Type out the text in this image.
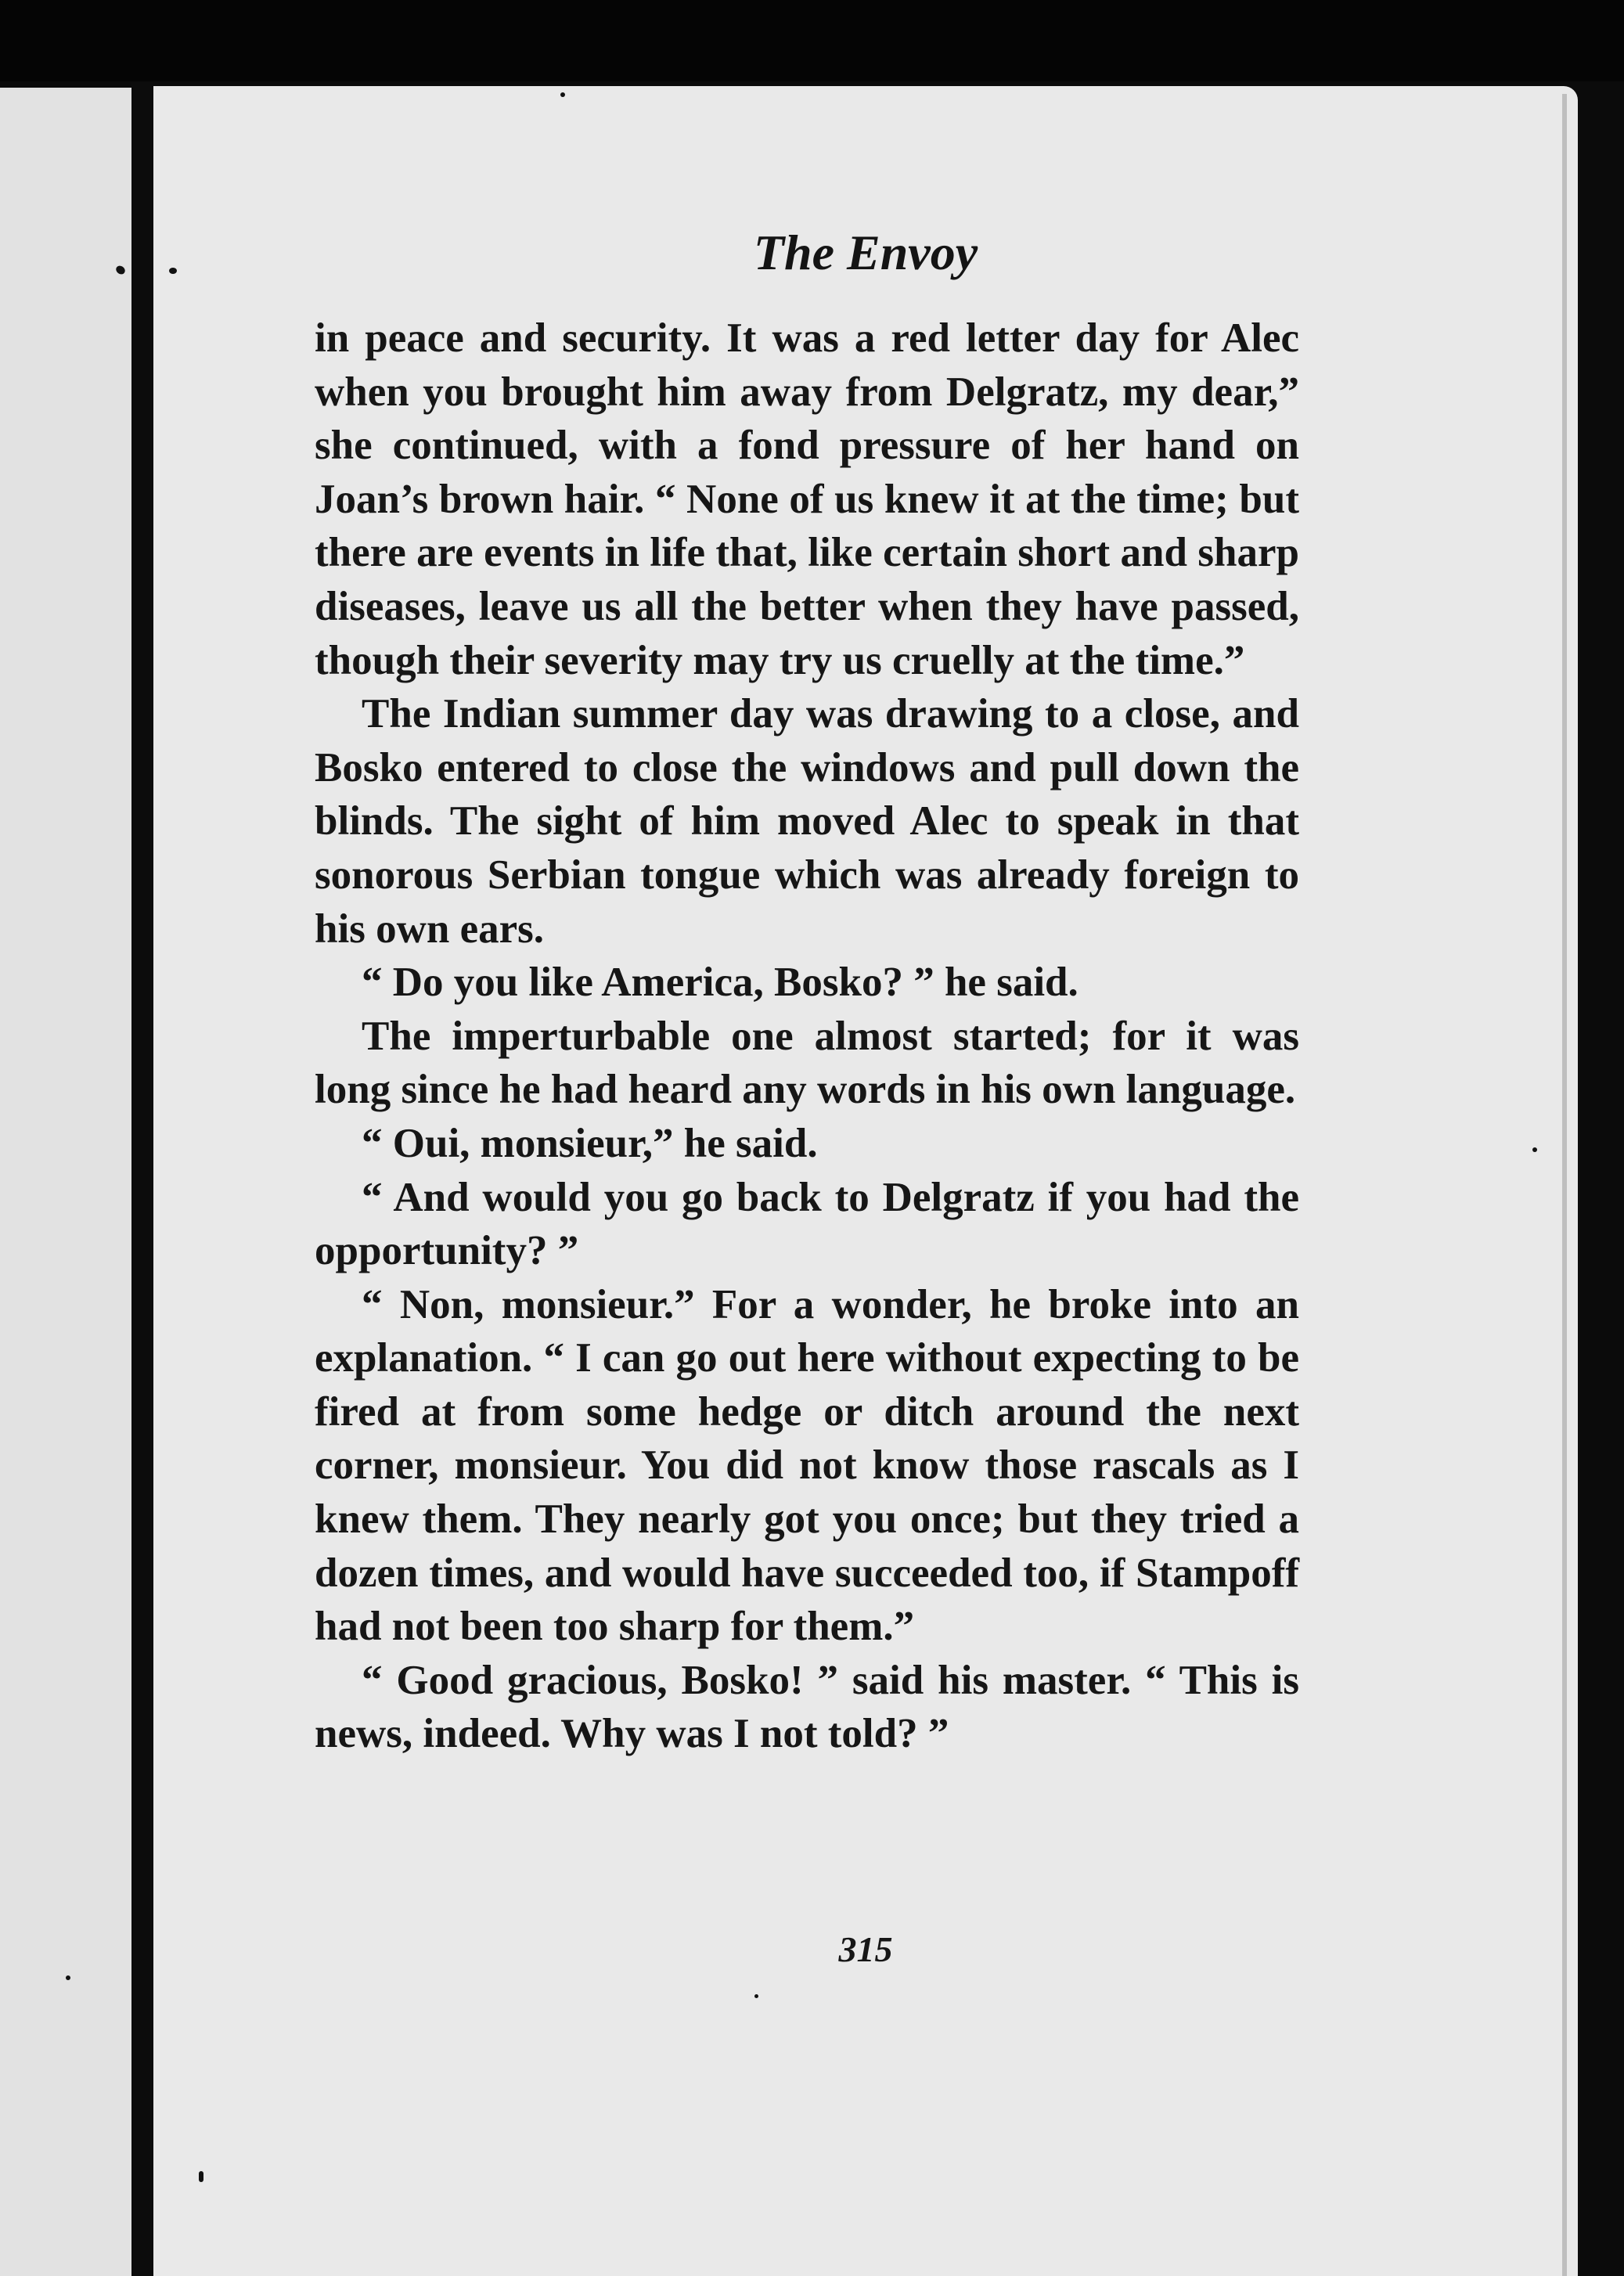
The Envoy

in peace and security. It was a red letter day for Alec when you brought him away from Delgratz, my dear,” she continued, with a fond pressure of her hand on Joan’s brown hair. “ None of us knew it at the time; but there are events in life that, like certain short and sharp diseases, leave us all the better when they have passed, though their severity may try us cruelly at the time.”

The Indian summer day was drawing to a close, and Bosko entered to close the windows and pull down the blinds. The sight of him moved Alec to speak in that sonorous Serbian tongue which was already foreign to his own ears.

“ Do you like America, Bosko? ” he said.

The imperturbable one almost started; for it was long since he had heard any words in his own language.

“ Oui, monsieur,” he said.

“ And would you go back to Delgratz if you had the opportunity? ”

“ Non, monsieur.” For a wonder, he broke into an explanation. “ I can go out here without expecting to be fired at from some hedge or ditch around the next corner, monsieur. You did not know those rascals as I knew them. They nearly got you once; but they tried a dozen times, and would have succeeded too, if Stampoff had not been too sharp for them.”

“ Good gracious, Bosko! ” said his master. “ This is news, indeed. Why was I not told? ”

315
